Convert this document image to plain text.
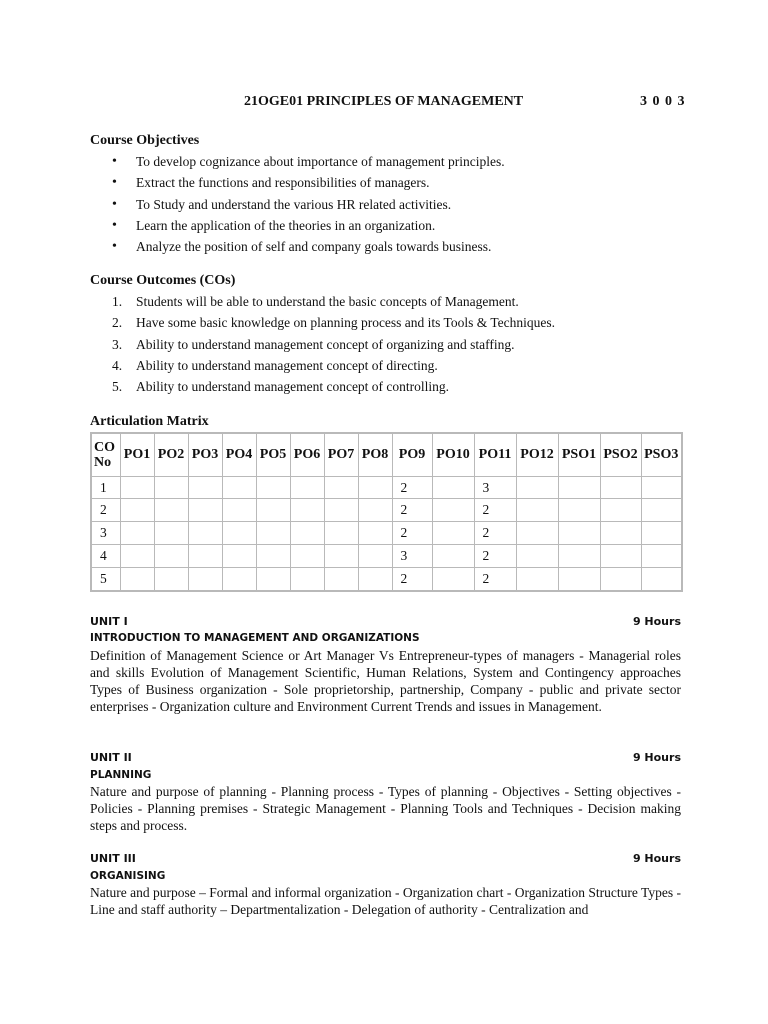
21OGE01 PRINCIPLES OF MANAGEMENT	3 0 0 3
Course Objectives
• To develop cognizance about importance of management principles.
• Extract the functions and responsibilities of managers.
• To Study and understand the various HR related activities.
• Learn the application of the theories in an organization.
• Analyze the position of self and company goals towards business.
Course Outcomes (COs)
1. Students will be able to understand the basic concepts of Management.
2. Have some basic knowledge on planning process and its Tools & Techniques.
3. Ability to understand management concept of organizing and staffing.
4. Ability to understand management concept of directing.
5. Ability to understand management concept of controlling.
Articulation Matrix
CO
No	PO1	PO2	PO3	PO4	PO5	PO6	PO7	PO8	PO9	PO10	PO11	PO12	PSO1	PSO2	PSO3
1									2		3				
2									2		2				
3									2		2				
4									3		2				
5									2		2				
UNIT I	9 Hours
INTRODUCTION TO MANAGEMENT AND ORGANIZATIONS
Definition of Management Science or Art Manager Vs Entrepreneur-types of managers - Managerial roles and skills Evolution of Management Scientific, Human Relations, System and Contingency approaches Types of Business organization - Sole proprietorship, partnership, Company - public and private sector enterprises - Organization culture and Environment Current Trends and issues in Management.
UNIT II	9 Hours
PLANNING
Nature and purpose of planning - Planning process - Types of planning - Objectives - Setting objectives - Policies - Planning premises - Strategic Management - Planning Tools and Techniques - Decision making steps and process.
UNIT III	9 Hours
ORGANISING
Nature and purpose – Formal and informal organization - Organization chart - Organization Structure Types - Line and staff authority – Departmentalization - Delegation of authority - Centralization and
